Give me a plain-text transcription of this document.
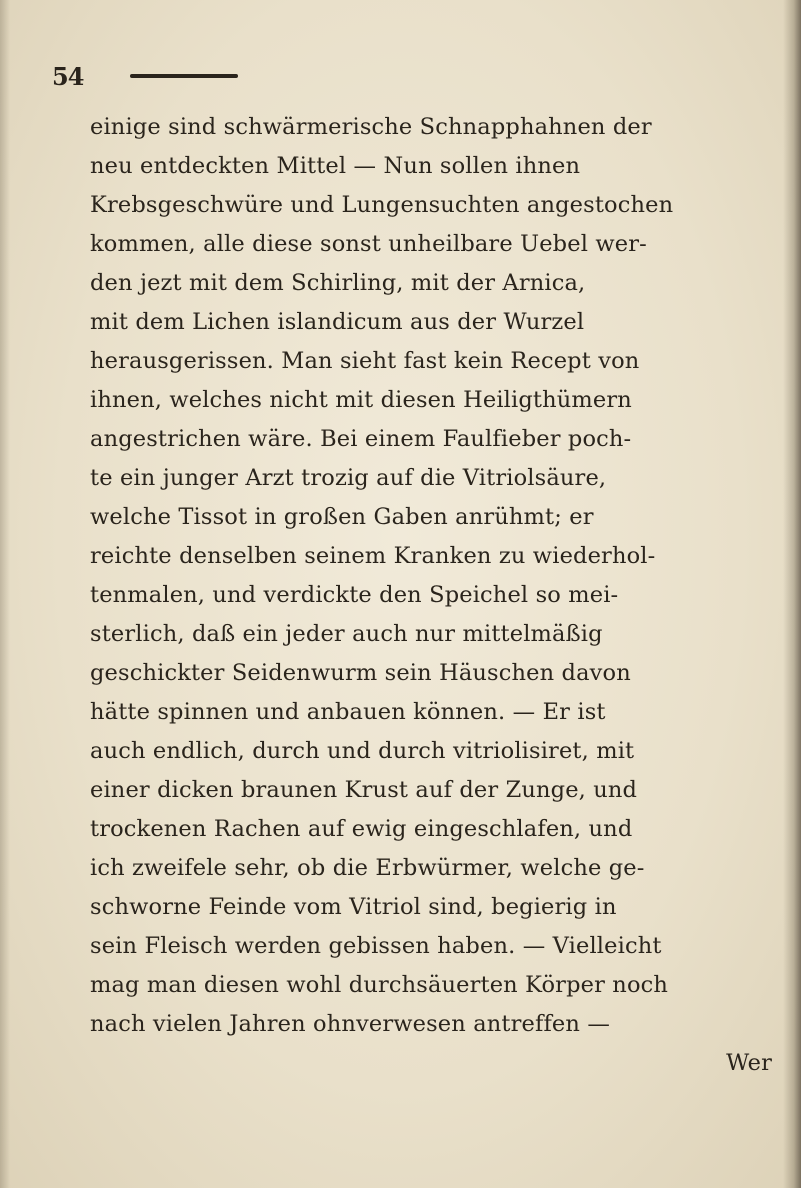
54
einige sind schwärmerische Schnapphahnen der
neu entdeckten Mittel — Nun sollen ihnen
Krebsgeschwüre und Lungensuchten angestochen
kommen, alle diese sonst unheilbare Uebel wer-
den jezt mit dem Schirling, mit der Arnica,
mit dem Lichen islandicum aus der Wurzel
herausgerissen. Man sieht fast kein Recept von
ihnen, welches nicht mit diesen Heiligthümern
angestrichen wäre. Bei einem Faulfieber poch-
te ein junger Arzt trozig auf die Vitriolsäure,
welche Tissot in großen Gaben anrühmt; er
reichte denselben seinem Kranken zu wiederhol-
tenmalen, und verdickte den Speichel so mei-
sterlich, daß ein jeder auch nur mittelmäßig
geschickter Seidenwurm sein Häuschen davon
hätte spinnen und anbauen können. — Er ist
auch endlich, durch und durch vitriolisiret, mit
einer dicken braunen Krust auf der Zunge, und
trockenen Rachen auf ewig eingeschlafen, und
ich zweifele sehr, ob die Erbwürmer, welche ge-
schworne Feinde vom Vitriol sind, begierig in
sein Fleisch werden gebissen haben. — Vielleicht
mag man diesen wohl durchsäuerten Körper noch
nach vielen Jahren ohnverwesen antreffen —
Wer
